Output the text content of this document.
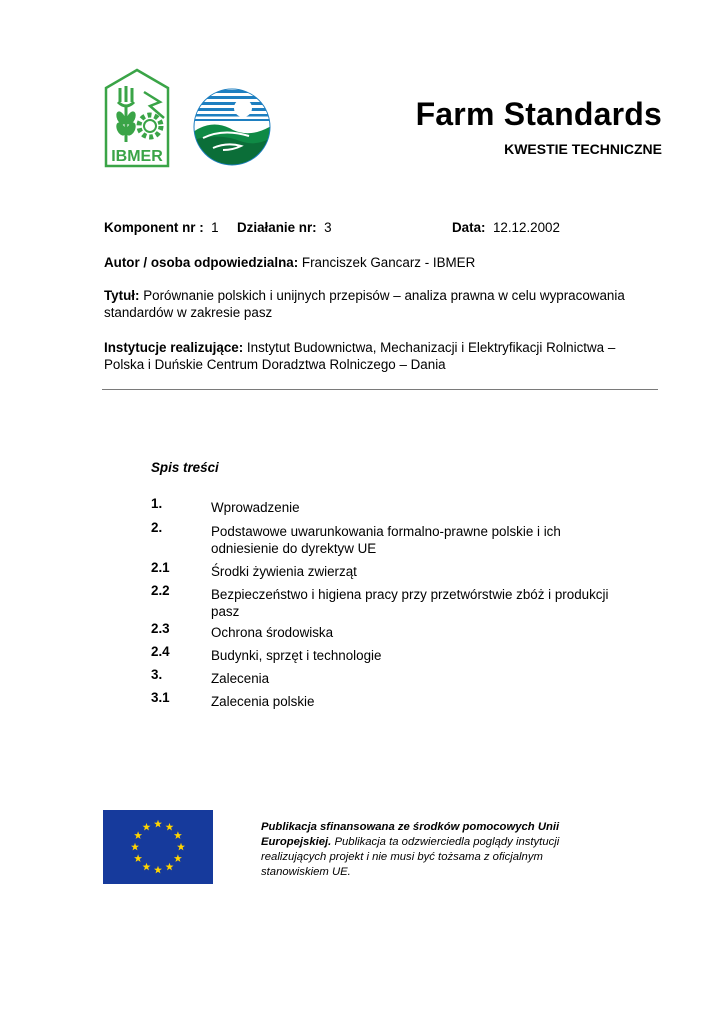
IBMER
Farm Standards
KWESTIE TECHNICZNE
Komponent nr : 1 Działanie nr: 3	Data: 12.12.2002
Autor / osoba odpowiedzialna: Franciszek Gancarz - IBMER
Tytuł: Porównanie polskich i unijnych przepisów – analiza prawna w celu wypracowania standardów w zakresie pasz
Instytucje realizujące: Instytut Budownictwa, Mechanizacji i Elektryfikacji Rolnictwa – Polska i Duńskie Centrum Doradztwa Rolniczego – Dania
Spis treści
1.	Wprowadzenie
2.	Podstawowe uwarunkowania formalno-prawne polskie i ich odniesienie do dyrektyw UE
2.1	Środki żywienia zwierząt
2.2	Bezpieczeństwo i higiena pracy przy przetwórstwie zbóż i produkcji pasz
2.3	Ochrona środowiska
2.4	Budynki, sprzęt i technologie
3.	Zalecenia
3.1	Zalecenia polskie
Publikacja sfinansowana ze środków pomocowych Unii Europejskiej. Publikacja ta odzwierciedla poglądy instytucji realizujących projekt i nie musi być tożsama z oficjalnym stanowiskiem UE.
